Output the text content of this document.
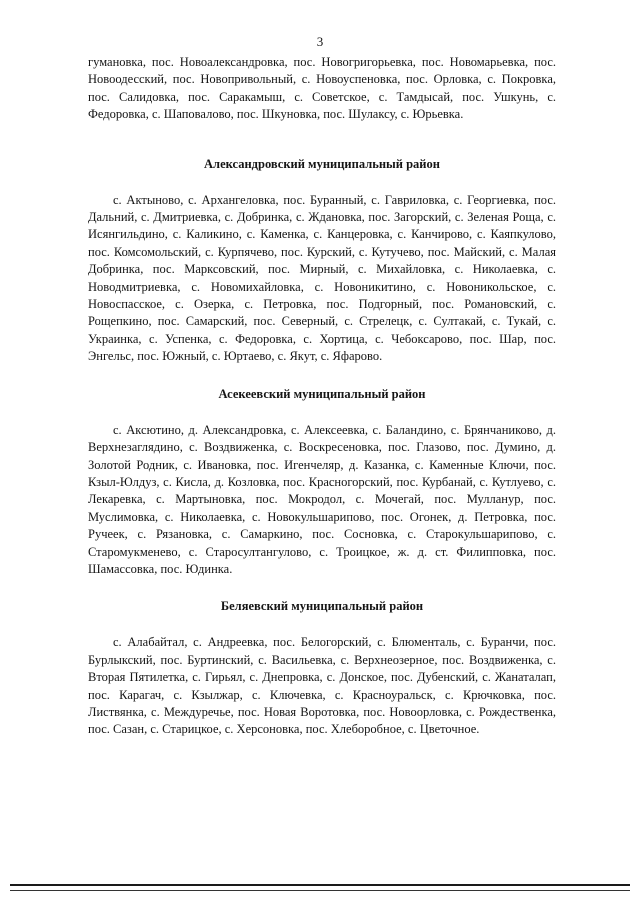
3

гумановка, пос. Новоалександровка, пос. Новогригорьевка, пос. Новомарьевка, пос. Новоодесский, пос. Новопривольный, с. Новоуспеновка, пос. Орловка, с. Покровка, пос. Салидовка, пос. Саракамыш, с. Советское, с. Тамдысай, пос. Ушкунь, с. Федоровка, с. Шаповалово, пос. Шкуновка, пос. Шулаксу, с. Юрьевка.

Александровский муниципальный район

с. Актыново, с. Архангеловка, пос. Буранный, с. Гавриловка, с. Георгиевка, пос. Дальний, с. Дмитриевка, с. Добринка, с. Ждановка, пос. Загорский, с. Зеленая Роща, с. Исянгильдино, с. Каликино, с. Каменка, с. Канцеровка, с. Канчирово, с. Каяпкулово, пос. Комсомольский, с. Курпячево, пос. Курский, с. Кутучево, пос. Майский, с. Малая Добринка, пос. Марксовский, пос. Мирный, с. Михайловка, с. Николаевка, с. Новодмитриевка, с. Новомихайловка, с. Новоникитино, с. Новоникольское, с. Новоспасское, с. Озерка, с. Петровка, пос. Подгорный, пос. Романовский, с. Рощепкино, пос. Самарский, пос. Северный, с. Стрелецк, с. Султакай, с. Тукай, с. Украинка, с. Успенка, с. Федоровка, с. Хортица, с. Чебоксарово, пос. Шар, пос. Энгельс, пос. Южный, с. Юртаево, с. Якут, с. Яфарово.

Асекеевский муниципальный район

с. Аксютино, д. Александровка, с. Алексеевка, с. Баландино, с. Брянчаниково, д. Верхнезаглядино, с. Воздвиженка, с. Воскресеновка, пос. Глазово, пос. Думино, д. Золотой Родник, с. Ивановка, пос. Игенчеляр, д. Казанка, с. Каменные Ключи, пос. Кзыл-Юлдуз, с. Кисла, д. Козловка, пос. Красногорский, пос. Курбанай, с. Кутлуево, с. Лекаревка, с. Мартыновка, пос. Мокродол, с. Мочегай, пос. Муллануp, пос. Муслимовка, с. Николаевка, с. Новокульшарипово, пос. Огонек, д. Петровка, пос. Ручеек, с. Рязановка, с. Самаркино, пос. Сосновка, с. Старокульшарипово, с. Старомукменево, с. Старосултангулово, с. Троицкое, ж. д. ст. Филипповка, пос. Шамассовка, пос. Юдинка.

Беляевский муниципальный район

с. Алабайтал, с. Андреевка, пос. Белогорский, с. Блюменталь, с. Буранчи, пос. Бурлыкский, пос. Буртинский, с. Васильевка, с. Верхнеозерное, пос. Воздвиженка, с. Вторая Пятилетка, с. Гирьял, с. Днепровка, с. Донское, пос. Дубенский, с. Жанаталап, пос. Карагач, с. Кзылжар, с. Ключевка, с. Красноуральск, с. Крючковка, пос. Листвянка, с. Междуречье, пос. Новая Воротовка, пос. Новоорловка, с. Рождественка, пос. Сазан, с. Старицкое, с. Херсоновка, пос. Хлеборобное, с. Цветочное.
